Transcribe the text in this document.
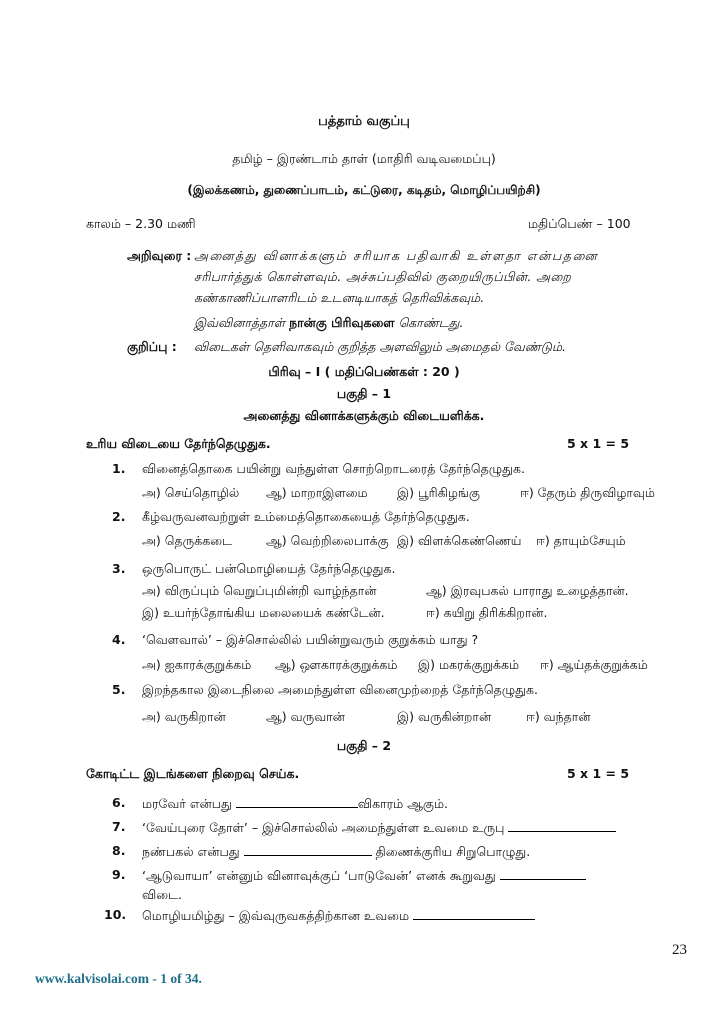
பத்தாம் வகுப்பு
தமிழ் – இரண்டாம் தாள் (மாதிரி வடிவமைப்பு)
(இலக்கணம், துணைப்பாடம், கட்டுரை, கடிதம், மொழிப்பயிற்சி)
காலம் – 2.30 மணி	மதிப்பெண் – 100
அறிவுரை : அனைத்து வினாக்களும் சரியாக பதிவாகி உள்ளதா என்பதனை
சரிபார்த்துக் கொள்ளவும். அச்சுப்பதிவில் குறையிருப்பின். அறை
கண்காணிப்பாளரிடம் உடனடியாகத் தெரிவிக்கவும்.
இவ்வினாத்தாள் நான்கு பிரிவுகளை கொண்டது.
குறிப்பு : விடைகள் தெளிவாகவும் குறித்த அளவிலும் அமைதல் வேண்டும்.
பிரிவு – I ( மதிப்பெண்கள் : 20 )
பகுதி – 1
அனைத்து வினாக்களுக்கும் விடையளிக்க.
உரிய விடையை தேர்ந்தெழுதுக.	5 x 1 = 5
1. வினைத்தொகை பயின்று வந்துள்ள சொற்றொடரைத் தேர்ந்தெழுதுக.
அ) செய்தொழில் ஆ) மாறாஇளமை இ) பூரிகிழங்கு	ஈ) தேரும் திருவிழாவும்
2. கீழ்வருவனவற்றுள் உம்மைத்தொகையைத் தேர்ந்தெழுதுக.
அ) தெருக்கடை	ஆ) வெற்றிலைபாக்கு இ) விளக்கெண்ணெய் ஈ) தாயும்சேயும்
3. ஒருபொருட் பன்மொழியைத் தேர்ந்தெழுதுக.
அ) விருப்பும் வெறுப்புமின்றி வாழ்ந்தான்	ஆ) இரவுபகல் பாராது உழைத்தான்.
இ) உயர்ந்தோங்கிய மலையைக் கண்டேன்.	ஈ) கயிறு திரிக்கிறான்.
4. ‘வௌவால்’ – இச்சொல்லில் பயின்றுவரும் குறுக்கம் யாது ?
அ) ஐகாரக்குறுக்கம் ஆ) ஔகாரக்குறுக்கம் இ) மகரக்குறுக்கம் ஈ) ஆய்தக்குறுக்கம்
5. இறந்தகால இடைநிலை அமைந்துள்ள வினைமுற்றைத் தேர்ந்தெழுதுக.
அ) வருகிறான்	ஆ) வருவான்	இ) வருகின்றான்	ஈ) வந்தான்
பகுதி – 2
கோடிட்ட இடங்களை நிறைவு செய்க.	5 x 1 = 5
6. மரவேர் என்பது	விகாரம் ஆகும்.
7. ‘வேய்புரை தோள்’ – இச்சொல்லில் அமைந்துள்ள உவமை உருபு
8. நண்பகல் என்பது	திணைக்குரிய சிறுபொழுது.
9. ‘ஆடுவாயா’ என்னும் வினாவுக்குப் ‘பாடுவேன்’ எனக் கூறுவது
விடை.
10. மொழியமிழ்து – இவ்வுருவகத்திற்கான உவமை
23
www.kalvisolai.com - 1 of 34.
